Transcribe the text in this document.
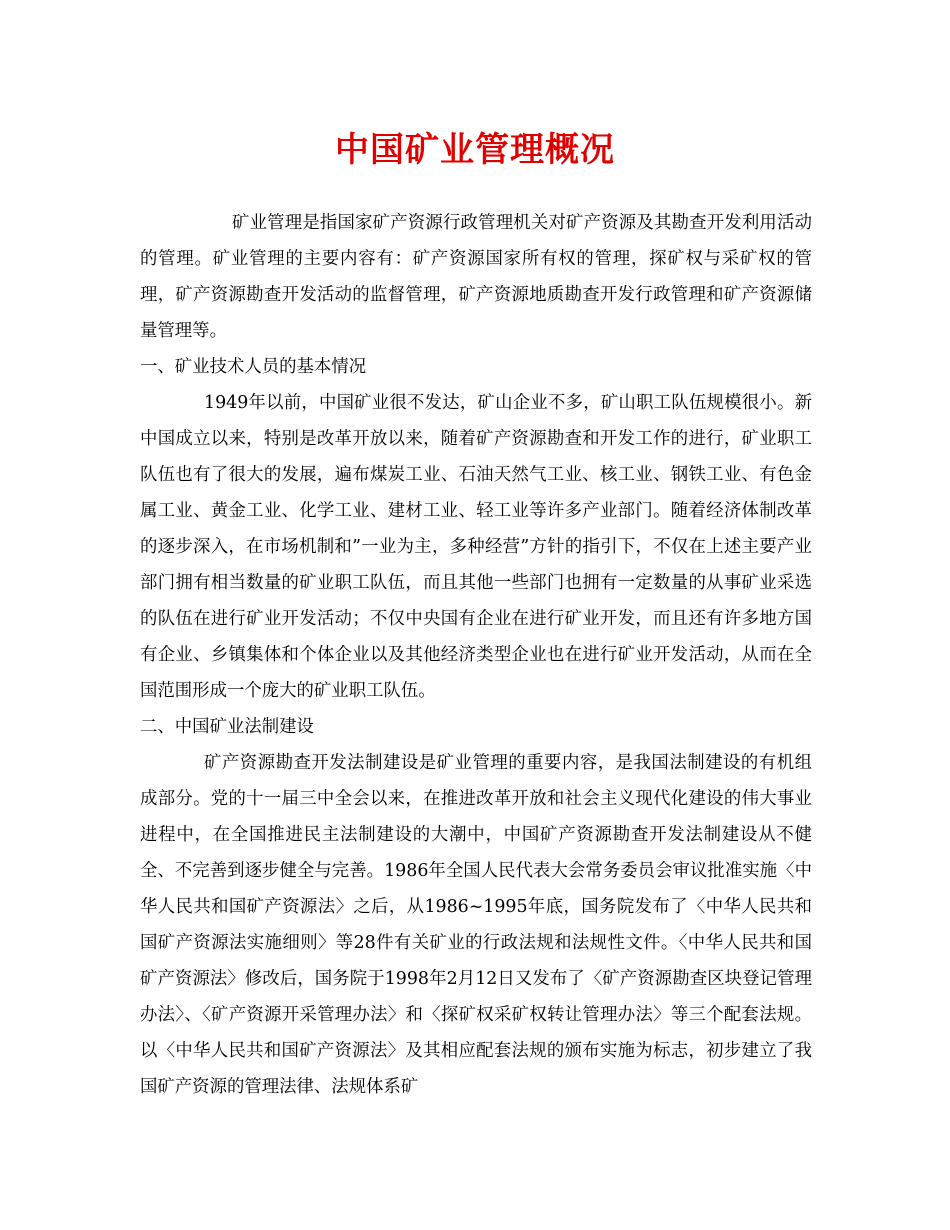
中国矿业管理概况

矿业管理是指国家矿产资源行政管理机关对矿产资源及其勘查开发利用活动的管理。矿业管理的主要内容有：矿产资源国家所有权的管理，探矿权与采矿权的管理，矿产资源勘查开发活动的监督管理，矿产资源地质勘查开发行政管理和矿产资源储量管理等。

一、矿业技术人员的基本情况

1949年以前，中国矿业很不发达，矿山企业不多，矿山职工队伍规模很小。新中国成立以来，特别是改革开放以来，随着矿产资源勘查和开发工作的进行，矿业职工队伍也有了很大的发展，遍布煤炭工业、石油天然气工业、核工业、钢铁工业、有色金属工业、黄金工业、化学工业、建材工业、轻工业等许多产业部门。随着经济体制改革的逐步深入，在市场机制和”一业为主，多种经营”方针的指引下，不仅在上述主要产业部门拥有相当数量的矿业职工队伍，而且其他一些部门也拥有一定数量的从事矿业采选的队伍在进行矿业开发活动；不仅中央国有企业在进行矿业开发，而且还有许多地方国有企业、乡镇集体和个体企业以及其他经济类型企业也在进行矿业开发活动，从而在全国范围形成一个庞大的矿业职工队伍。

二、中国矿业法制建设

矿产资源勘查开发法制建设是矿业管理的重要内容，是我国法制建设的有机组成部分。党的十一届三中全会以来，在推进改革开放和社会主义现代化建设的伟大事业进程中，在全国推进民主法制建设的大潮中，中国矿产资源勘查开发法制建设从不健全、不完善到逐步健全与完善。1986年全国人民代表大会常务委员会审议批准实施〈中华人民共和国矿产资源法〉之后，从1986~1995年底，国务院发布了〈中华人民共和国矿产资源法实施细则〉等28件有关矿业的行政法规和法规性文件。〈中华人民共和国矿产资源法〉修改后，国务院于1998年2月12日又发布了〈矿产资源勘查区块登记管理办法〉、〈矿产资源开采管理办法〉和〈探矿权采矿权转让管理办法〉等三个配套法规。以〈中华人民共和国矿产资源法〉及其相应配套法规的颁布实施为标志，初步建立了我国矿产资源的管理法律、法规体系矿
